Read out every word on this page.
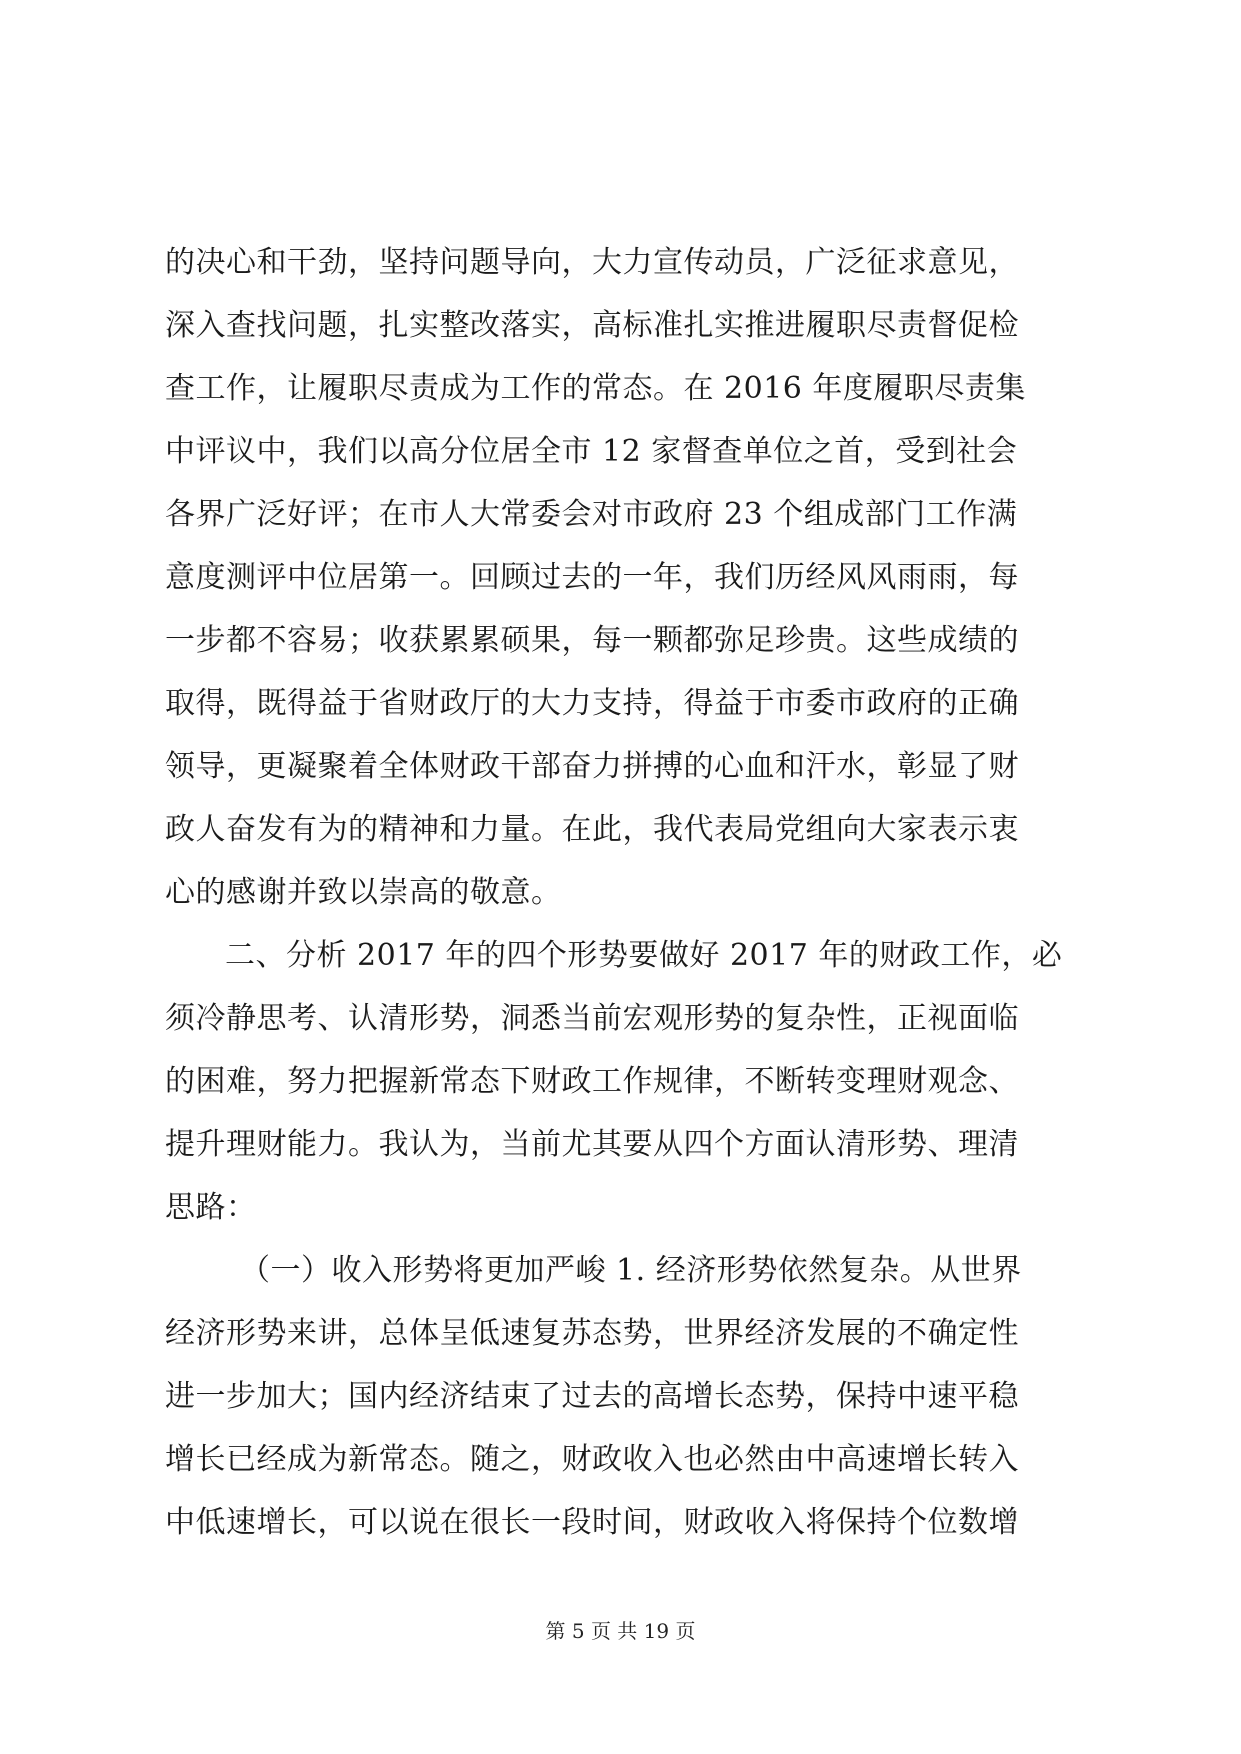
的决心和干劲，坚持问题导向，大力宣传动员，广泛征求意见，
深入查找问题，扎实整改落实，高标准扎实推进履职尽责督促检
查工作，让履职尽责成为工作的常态。在 2016 年度履职尽责集
中评议中，我们以高分位居全市 12 家督查单位之首，受到社会
各界广泛好评；在市人大常委会对市政府 23 个组成部门工作满
意度测评中位居第一。回顾过去的一年，我们历经风风雨雨，每
一步都不容易；收获累累硕果，每一颗都弥足珍贵。这些成绩的
取得，既得益于省财政厅的大力支持，得益于市委市政府的正确
领导，更凝聚着全体财政干部奋力拼搏的心血和汗水，彰显了财
政人奋发有为的精神和力量。在此，我代表局党组向大家表示衷
心的感谢并致以崇高的敬意。
二、分析 2017 年的四个形势要做好 2017 年的财政工作，必
须冷静思考、认清形势，洞悉当前宏观形势的复杂性，正视面临
的困难，努力把握新常态下财政工作规律，不断转变理财观念、
提升理财能力。我认为，当前尤其要从四个方面认清形势、理清
思路：
（一）收入形势将更加严峻 1. 经济形势依然复杂。从世界
经济形势来讲，总体呈低速复苏态势，世界经济发展的不确定性
进一步加大；国内经济结束了过去的高增长态势，保持中速平稳
增长已经成为新常态。随之，财政收入也必然由中高速增长转入
中低速增长，可以说在很长一段时间，财政收入将保持个位数增
第 5 页 共 19 页
